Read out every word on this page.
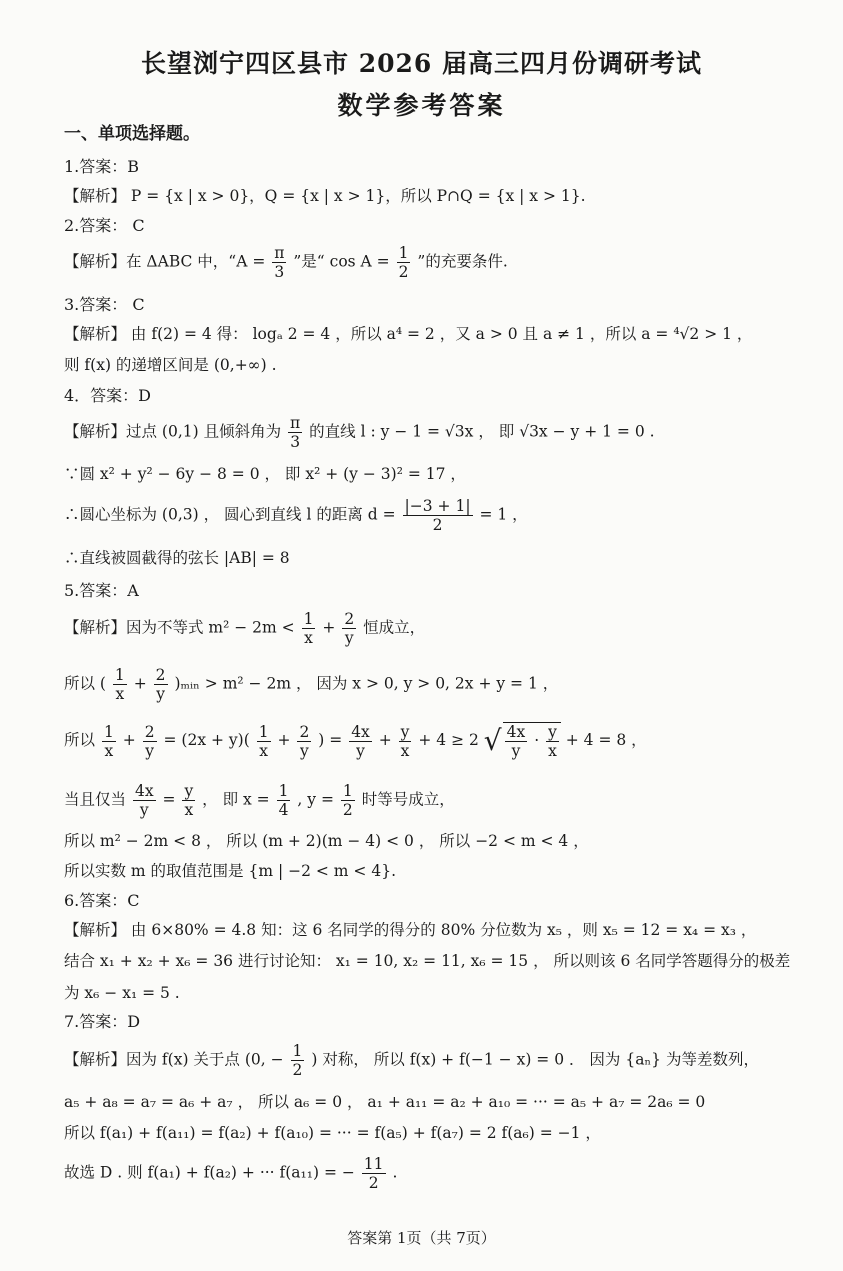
长望浏宁四区县市 2026 届高三四月份调研考试
数学参考答案
一、单项选择题。
1.答案：B
【解析】 P = {x | x > 0}，Q = {x | x > 1}，所以 P∩Q = {x | x > 1}.
2.答案： C
【解析】在 ΔABC 中，“$A = \frac{\pi}{3}$ ”是“ $\cos A = \frac{1}{2}$ ”的充要条件.
3.答案： C
【解析】 由 f(2) = 4 得： logₐ 2 = 4 ，所以 a⁴ = 2 ，又 a > 0 且 a ≠ 1 ，所以 a = ⁴√2 > 1 ，
则 f(x) 的递增区间是 (0,+∞) .
4．答案：D
【解析】过点 (0,1) 且倾斜角为 $\frac{\pi}{3}$ 的直线 l : y − 1 = √3x ， 即 √3x − y + 1 = 0 .
∵圆 x² + y² − 6y − 8 = 0 ， 即 x² + (y − 3)² = 17 ，
∴圆心坐标为 (0,3) ， 圆心到直线 l 的距离 $d = \frac{|-3 + 1|}{2} = 1$ ，
∴直线被圆截得的弦长 |AB| = 8
5.答案：A
【解析】因为不等式 $m^2 - 2m < \frac{1}{x} + \frac{2}{y}$ 恒成立，
所以 ( $\frac{1}{x} + \frac{2}{y}$ )ₘᵢₙ > m² − 2m ， 因为 x > 0, y > 0, 2x + y = 1 ，
所以 $\frac{1}{x} + \frac{2}{y} = (2x + y)( \frac{1}{x} + \frac{2}{y}$ ) = $\frac{4x}{y} + \frac{y}{x} + 4 \ge 2$ √ $\frac{4x}{y} \cdot \frac{y}{x} + 4 = 8$ ，
当且仅当 $\frac{4x}{y} = \frac{y}{x}$ ， 即 $x = \frac{1}{4}$ , $y = \frac{1}{2}$ 时等号成立，
所以 m² − 2m < 8 ， 所以 (m + 2)(m − 4) < 0 ， 所以 −2 < m < 4 ，
所以实数 m 的取值范围是 {m | −2 < m < 4}.
6.答案：C
【解析】 由 6×80% = 4.8 知：这 6 名同学的得分的 80% 分位数为 x₅ ，则 x₅ = 12 = x₄ = x₃ ，
结合 x₁ + x₂ + x₆ = 36 进行讨论知： x₁ = 10, x₂ = 11, x₆ = 15 ， 所以则该 6 名同学答题得分的极差
为 x₆ − x₁ = 5 .
7.答案：D
【解析】因为 f(x) 关于点 (0, − $\frac{1}{2}$ ) 对称， 所以 f(x) + f(−1 − x) = 0 ． 因为 {aₙ} 为等差数列，
a₅ + a₈ = a₇ = a₆ + a₇ ， 所以 a₆ = 0 ， a₁ + a₁₁ = a₂ + a₁₀ = ··· = a₅ + a₇ = 2a₆ = 0
所以 f(a₁) + f(a₁₁) = f(a₂) + f(a₁₀) = ··· = f(a₅) + f(a₇) = 2 f(a₆) = −1 ，
故选 D . 则 f(a₁) + f(a₂) + ··· f(a₁₁) = − $\frac{11}{2}$ .
答案第 1页（共 7页）
